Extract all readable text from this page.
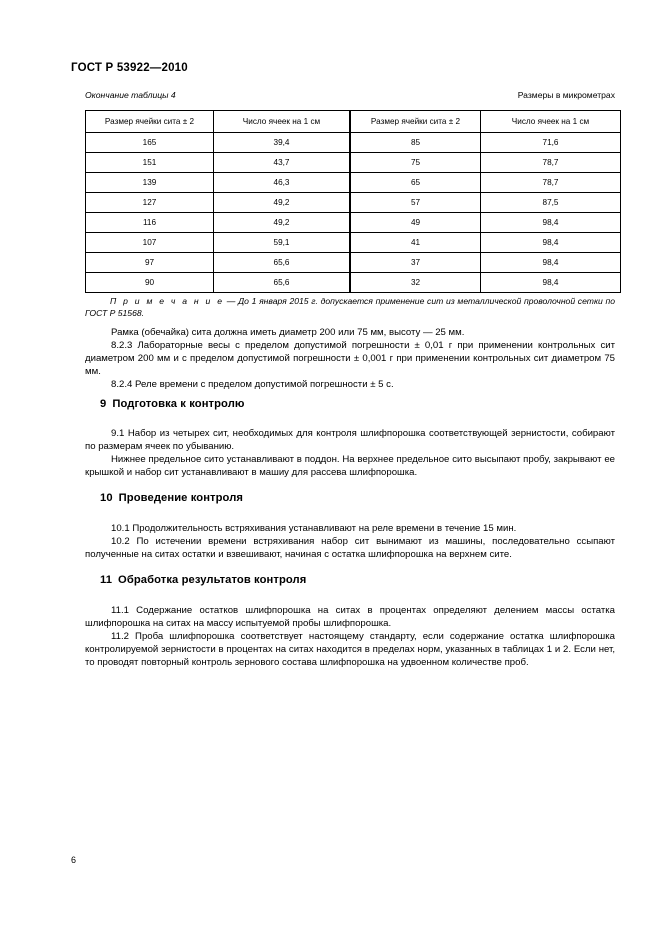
ГОСТ Р 53922—2010
Окончание таблицы 4	Размеры в микрометрах
Размер ячейки сита ± 2	Число ячеек на 1 см	Размер ячейки сита ± 2	Число ячеек на 1 см
165	39,4	85	71,6
151	43,7	75	78,7
139	46,3	65	78,7
127	49,2	57	87,5
116	49,2	49	98,4
107	59,1	41	98,4
97	65,6	37	98,4
90	65,6	32	98,4
П р и м е ч а н и е — До 1 января 2015 г. допускается применение сит из металлической проволочной сетки по ГОСТ Р 51568.

Рамка (обечайка) сита должна иметь диаметр 200 или 75 мм, высоту — 25 мм.

8.2.3 Лабораторные весы с пределом допустимой погрешности ± 0,01 г при применении контрольных сит диаметром 200 мм и с пределом допустимой погрешности ± 0,001 г при применении контрольных сит диаметром 75 мм.

8.2.4 Реле времени с пределом допустимой погрешности ± 5 с.

9 Подготовка к контролю

9.1 Набор из четырех сит, необходимых для контроля шлифпорошка соответствующей зернистости, собирают по размерам ячеек по убыванию.

Нижнее предельное сито устанавливают в поддон. На верхнее предельное сито высыпают пробу, закрывают ее крышкой и набор сит устанавливают в машиу для рассева шлифпорошка.

10 Проведение контроля

10.1 Продолжительность встряхивания устанавливают на реле времени в течение 15 мин.

10.2 По истечении времени встряхивания набор сит вынимают из машины, последовательно ссыпают полученные на ситах остатки и взвешивают, начиная с остатка шлифпорошка на верхнем сите.

11 Обработка результатов контроля

11.1 Содержание остатков шлифпорошка на ситах в процентах определяют делением массы остатка шлифпорошка на ситах на массу испытуемой пробы шлифпорошка.

11.2 Проба шлифпорошка соответствует настоящему стандарту, если содержание остатка шлифпорошка контролируемой зернистости в процентах на ситах находится в пределах норм, указанных в таблицах 1 и 2. Если нет, то проводят повторный контроль зернового состава шлифпорошка на удвоенном количестве проб.

6
